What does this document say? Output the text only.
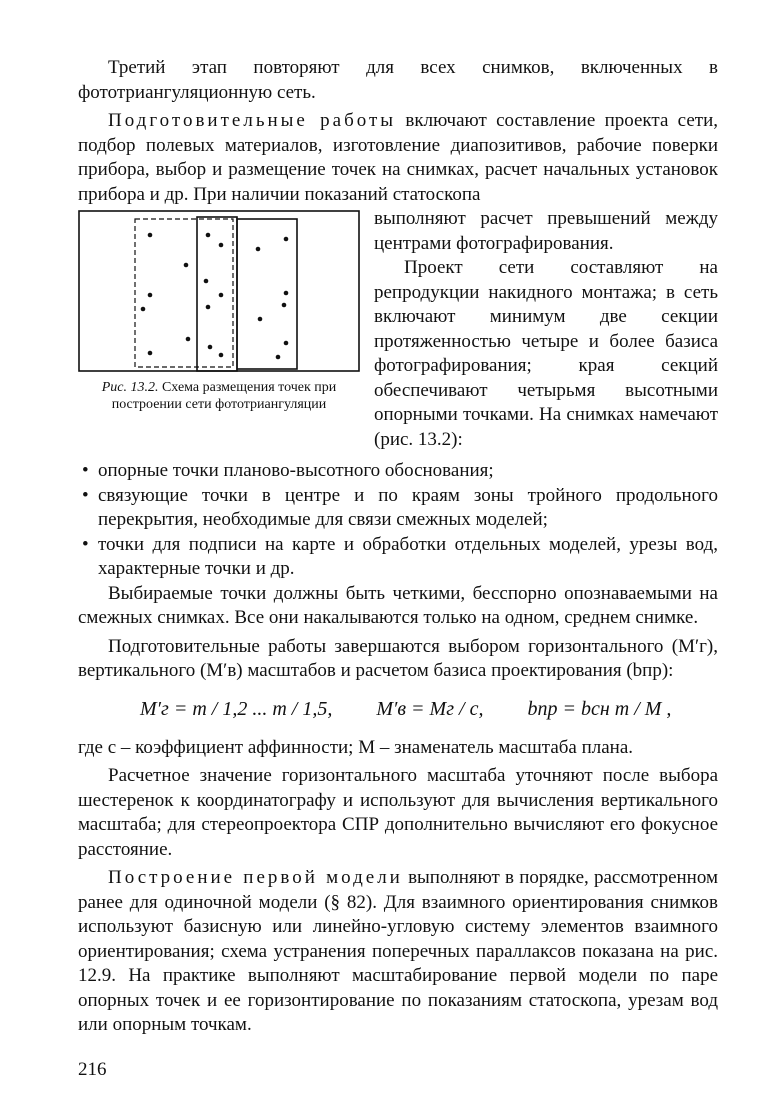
Третий этап повторяют для всех снимков, включенных в фототриангуляционную сеть.

Подготовительные работы включают составление проекта сети, подбор полевых материалов, изготовление диапозитивов, рабочие поверки прибора, выбор и размещение точек на снимках, расчет начальных установок прибора и др. При наличии показаний статоскопа

Рис. 13.2. Схема размещения точек при построении сети фототриангуляции

выполняют расчет превышений между центрами фотографирования.

Проект сети составляют на репродукции накидного монтажа; в сеть включают минимум две секции протяженностью четыре и более базиса фотографирования; края секций обеспечивают четырьмя высотными опорными точками. На снимках намечают (рис. 13.2):

• опорные точки планово-высотного обоснования;
• связующие точки в центре и по краям зоны тройного продольного перекрытия, необходимые для связи смежных моделей;
• точки для подписи на карте и обработки отдельных моделей, урезы вод, характерные точки и др.

Выбираемые точки должны быть четкими, бесспорно опознаваемыми на смежных снимках. Все они накалываются только на одном, среднем снимке.

Подготовительные работы завершаются выбором горизонтального (M′г), вертикального (M′в) масштабов и расчетом базиса проектирования (bпр):

M′г = m / 1,2 ... m / 1,5, M′в = Mг / c, bпр = bсн m / M ,

где c – коэффициент аффинности; M – знаменатель масштаба плана.

Расчетное значение горизонтального масштаба уточняют после выбора шестеренок к координатографу и используют для вычисления вертикального масштаба; для стереопроектора СПР дополнительно вычисляют его фокусное расстояние.

Построение первой модели выполняют в порядке, рассмотренном ранее для одиночной модели (§ 82). Для взаимного ориентирования снимков используют базисную или линейно-угловую систему элементов взаимного ориентирования; схема устранения поперечных параллаксов показана на рис. 12.9. На практике выполняют масштабирование первой модели по паре опорных точек и ее горизонтирование по показаниям статоскопа, урезам вод или опорным точкам.

216
